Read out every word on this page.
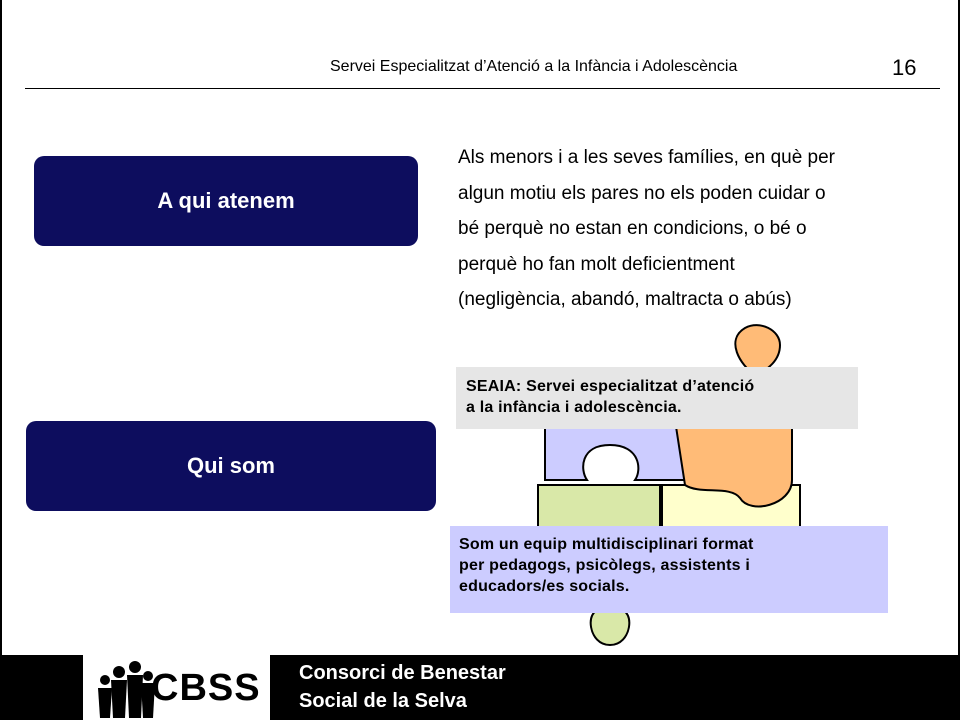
Servei Especialitzat d’Atenció a la Infància i Adolescència	16
A qui atenem
Qui som
Als menors i a les seves famílies, en què per
algun motiu els pares no els poden cuidar o
bé perquè no estan en condicions, o bé o
perquè ho fan molt deficientment
(negligència, abandó, maltracta o abús)
SEAIA: Servei especialitzat d’atenció
a la infància i adolescència.
Som un equip multidisciplinari format
per pedagogs, psicòlegs, assistents i
educadors/es socials.
CBSS Consorci de Benestar
Social de la Selva
